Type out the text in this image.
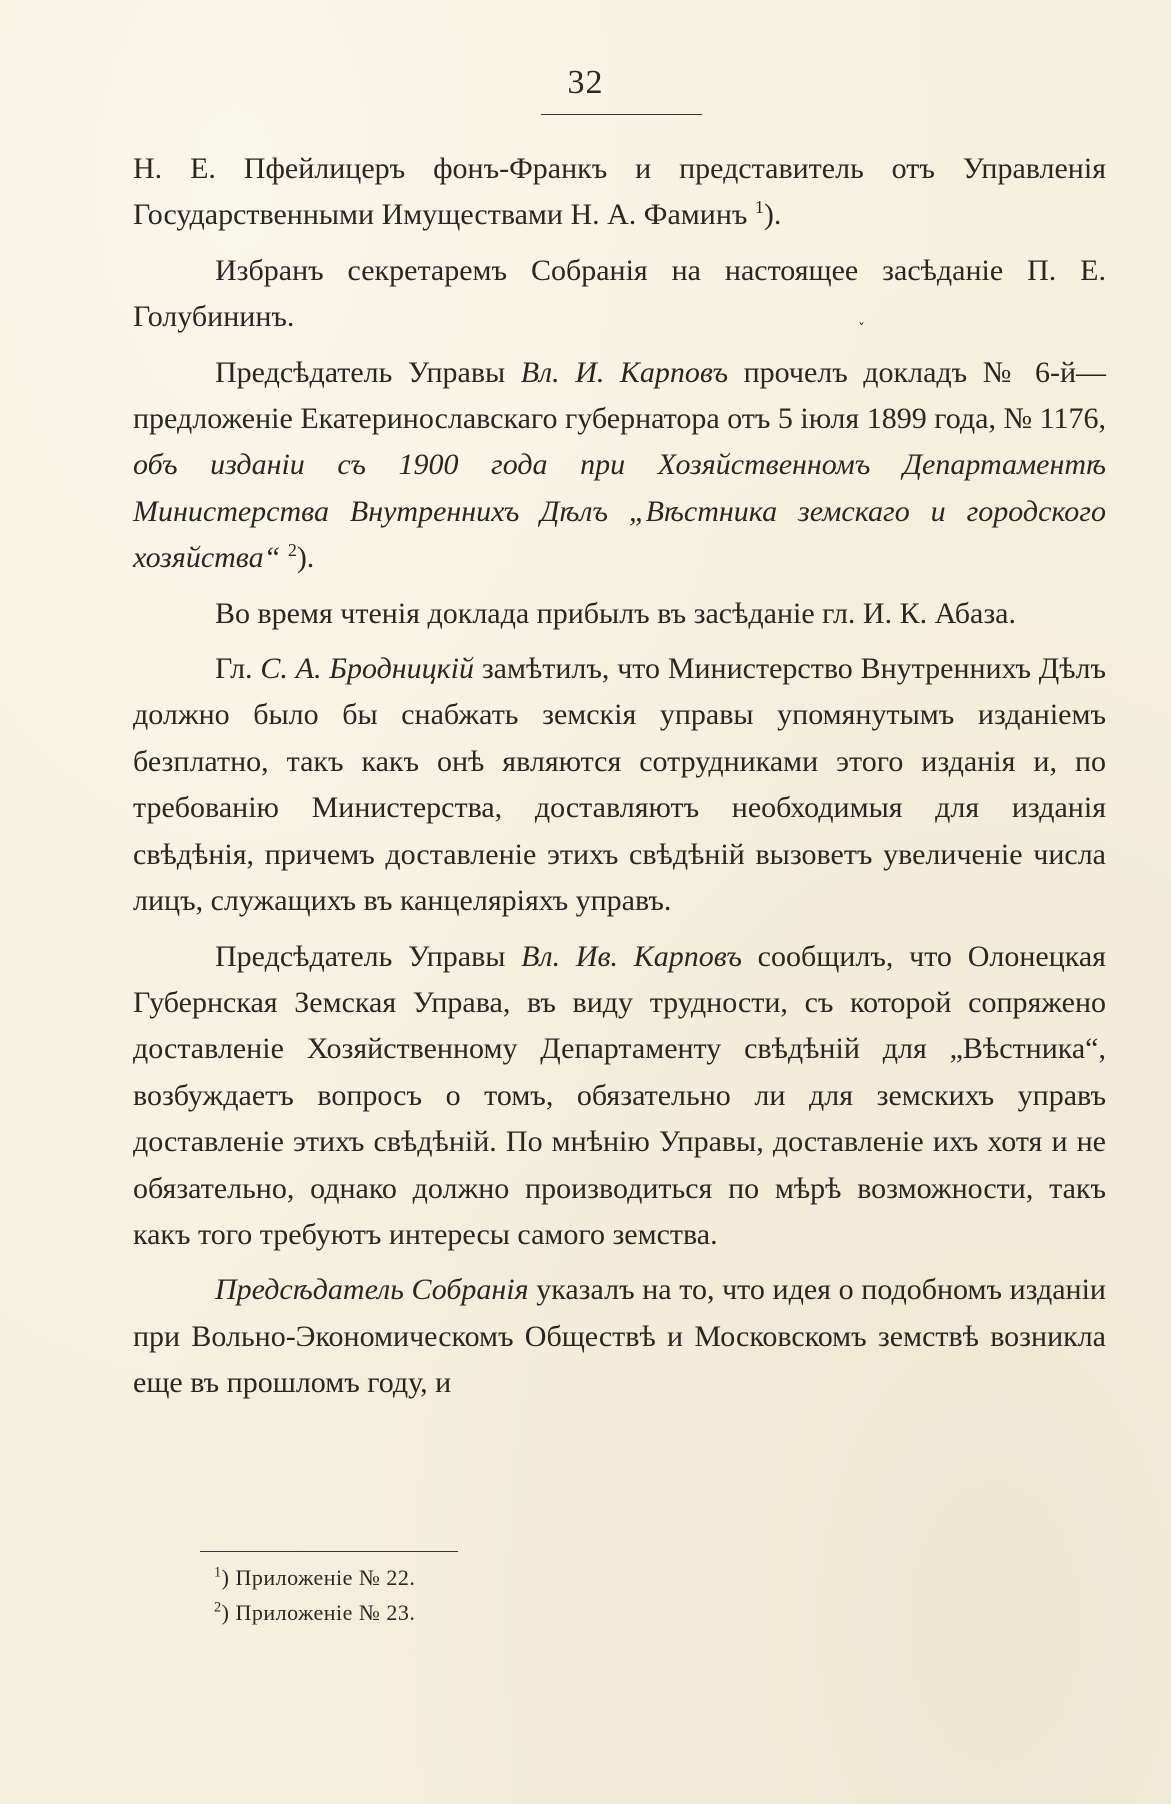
32
ˇ

Н. Е. Пфейлицеръ фонъ-Франкъ и представитель отъ Управленія Государственными Имуществами Н. А. Фаминъ $^1$).

Избранъ секретаремъ Собранія на настоящее засѣданіе П. Е. Голубининъ.

Предсѣдатель Управы Вл. И. Карповъ прочелъ докладъ № 6-й—предложеніе Екатеринославскаго губернатора отъ 5 іюля 1899 года, № 1176, объ изданіи съ 1900 года при Хозяйственномъ Департаментѣ Министерства Внутреннихъ Дѣлъ „Вѣстника земскаго и городского хозяйства“ $^2$).

Во время чтенія доклада прибылъ въ засѣданіе гл. И. К. Абаза.

Гл. С. А. Бродницкій замѣтилъ, что Министерство Внутреннихъ Дѣлъ должно было бы снабжать земскія управы упомянутымъ изданіемъ безплатно, такъ какъ онѣ являются сотрудниками этого изданія и, по требованію Министерства, доставляютъ необходимыя для изданія свѣдѣнія, причемъ доставленіе этихъ свѣдѣній вызоветъ увеличеніе числа лицъ, служащихъ въ канцеляріяхъ управъ.

Предсѣдатель Управы Вл. Ив. Карповъ сообщилъ, что Олонецкая Губернская Земская Управа, въ виду трудности, съ которой сопряжено доставленіе Хозяйственному Департаменту свѣдѣній для „Вѣстника“, возбуждаетъ вопросъ о томъ, обязательно ли для земскихъ управъ доставленіе этихъ свѣдѣній. По мнѣнію Управы, доставленіе ихъ хотя и не обязательно, однако должно производиться по мѣрѣ возможности, такъ какъ того требуютъ интересы самого земства.

Предсѣдатель Собранія указалъ на то, что идея о подобномъ изданіи при Вольно-Экономическомъ Обществѣ и Московскомъ земствѣ возникла еще въ прошломъ году, и

$^1$) Приложеніе № 22.
$^2$) Приложеніе № 23.
